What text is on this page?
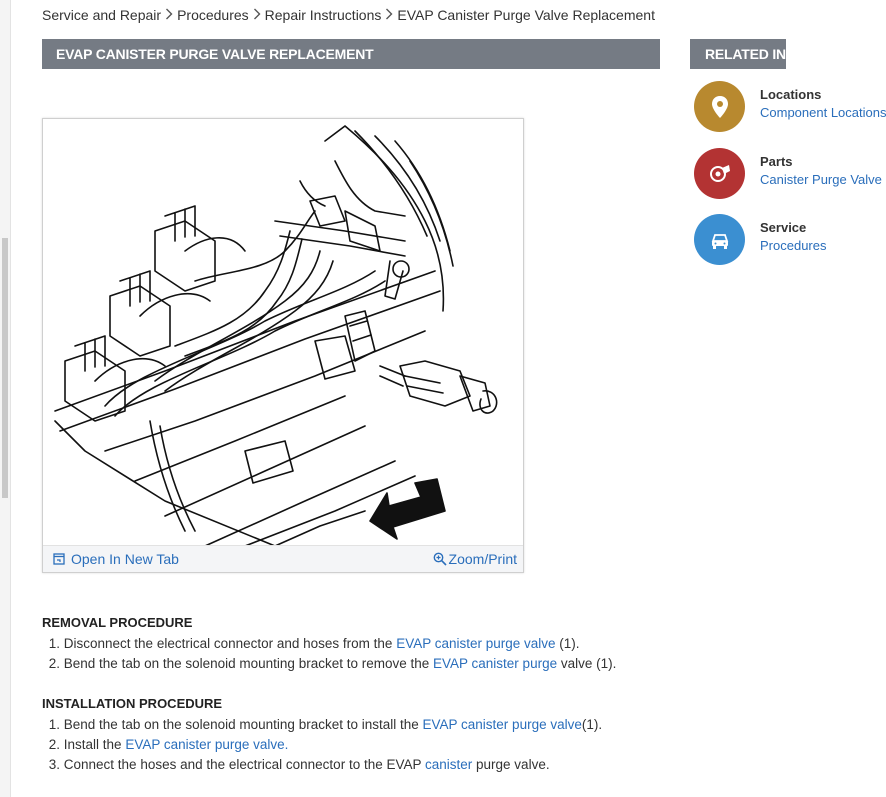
Service and Repair Procedures Repair Instructions EVAP Canister Purge Valve Replacement
EVAP CANISTER PURGE VALVE REPLACEMENT	RELATED INFO
Locations
Component Locations
Parts
Canister Purge Valve
Service
Procedures
Open In New Tab	Zoom/Print
REMOVAL PROCEDURE
1. Disconnect the electrical connector and hoses from the EVAP canister purge valve (1).
2. Bend the tab on the solenoid mounting bracket to remove the EVAP canister purge valve (1).
INSTALLATION PROCEDURE
1. Bend the tab on the solenoid mounting bracket to install the EVAP canister purge valve(1).
2. Install the EVAP canister purge valve.
3. Connect the hoses and the electrical connector to the EVAP canister purge valve.
